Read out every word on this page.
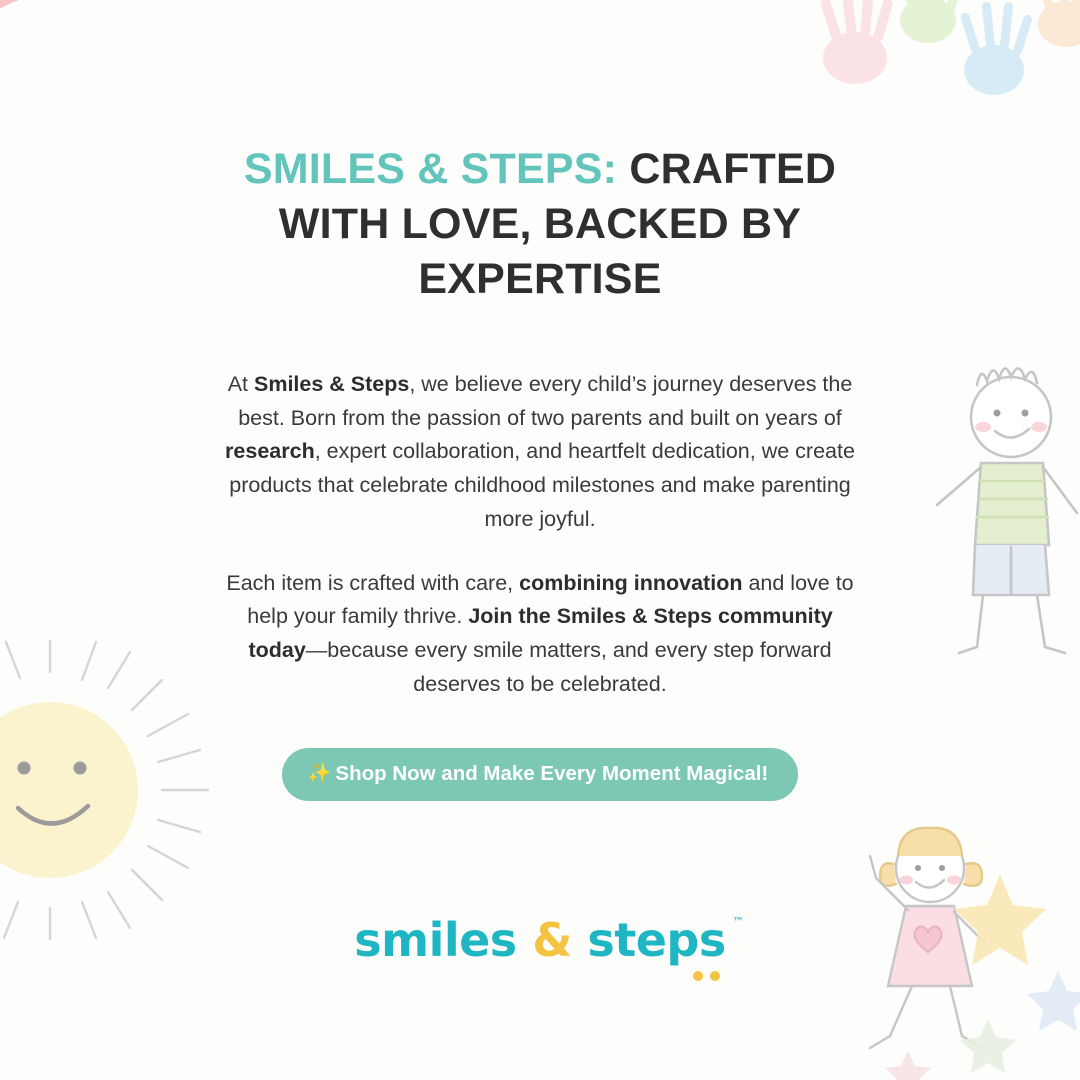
SMILES & STEPS: CRAFTED WITH LOVE, BACKED BY EXPERTISE

At Smiles & Steps, we believe every child’s journey deserves the best. Born from the passion of two parents and built on years of research, expert collaboration, and heartfelt dedication, we create products that celebrate childhood milestones and make parenting more joyful.

Each item is crafted with care, combining innovation and love to help your family thrive. Join the Smiles & Steps community today—because every smile matters, and every step forward deserves to be celebrated.

✨ Shop Now and Make Every Moment Magical!
smiles & steps ™
